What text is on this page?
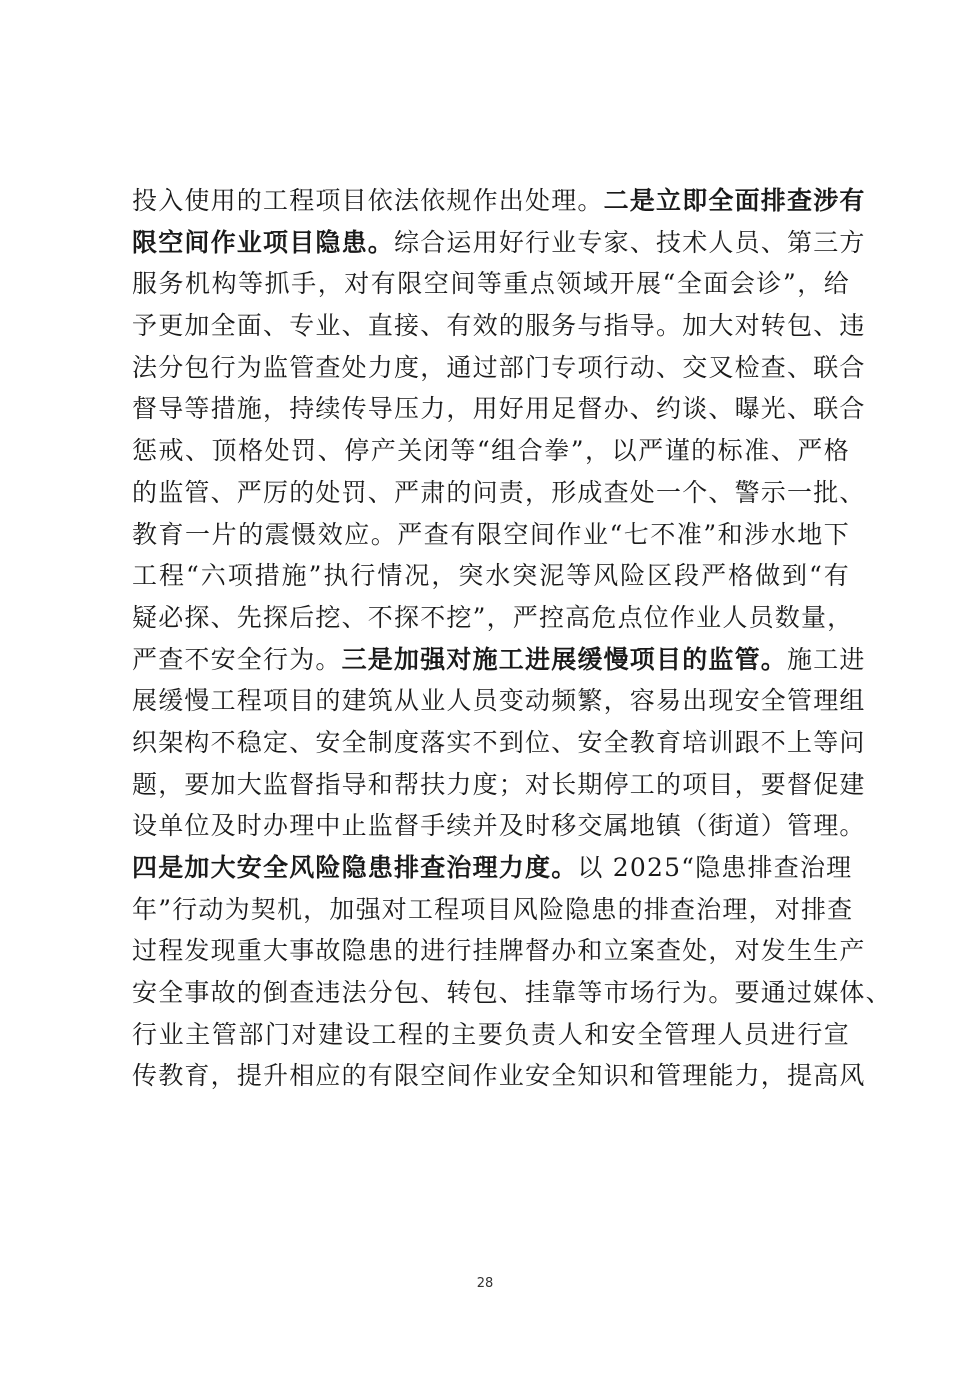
投入使用的工程项目依法依规作出处理。二是立即全面排查涉有
限空间作业项目隐患。综合运用好行业专家、技术人员、第三方
服务机构等抓手，对有限空间等重点领域开展“全面会诊”，给
予更加全面、专业、直接、有效的服务与指导。加大对转包、违
法分包行为监管查处力度，通过部门专项行动、交叉检查、联合
督导等措施，持续传导压力，用好用足督办、约谈、曝光、联合
惩戒、顶格处罚、停产关闭等“组合拳”，以严谨的标准、严格
的监管、严厉的处罚、严肃的问责，形成查处一个、警示一批、
教育一片的震慑效应。严查有限空间作业“七不准”和涉水地下
工程“六项措施”执行情况，突水突泥等风险区段严格做到“有
疑必探、先探后挖、不探不挖”，严控高危点位作业人员数量，
严查不安全行为。三是加强对施工进展缓慢项目的监管。施工进
展缓慢工程项目的建筑从业人员变动频繁，容易出现安全管理组
织架构不稳定、安全制度落实不到位、安全教育培训跟不上等问
题，要加大监督指导和帮扶力度；对长期停工的项目，要督促建
设单位及时办理中止监督手续并及时移交属地镇（街道）管理。
四是加大安全风险隐患排查治理力度。以 2025“隐患排查治理
年”行动为契机，加强对工程项目风险隐患的排查治理，对排查
过程发现重大事故隐患的进行挂牌督办和立案查处，对发生生产
安全事故的倒查违法分包、转包、挂靠等市场行为。要通过媒体、
行业主管部门对建设工程的主要负责人和安全管理人员进行宣
传教育，提升相应的有限空间作业安全知识和管理能力，提高风
28
